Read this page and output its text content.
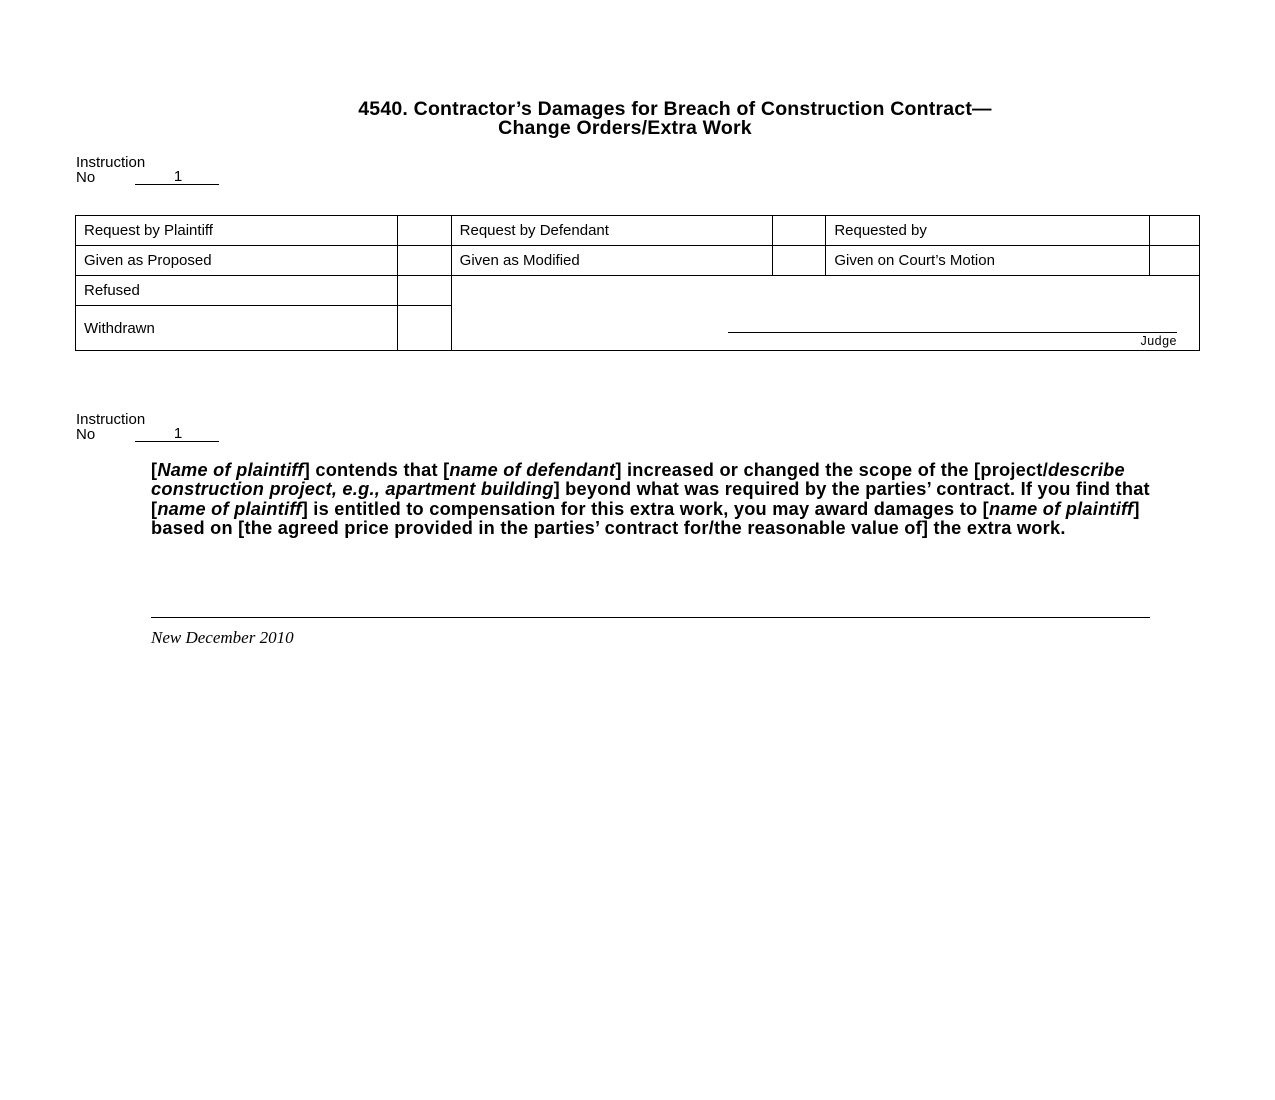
4540. Contractor’s Damages for Breach of Construction Contract—
Change Orders/Extra Work
Instruction
No	1
Request by Plaintiff		Request by Defendant		Requested by	
Given as Proposed		Given as Modified		Given on Court’s Motion	
Refused		Judge			

Withdrawn					
Instruction
No	1
[Name of plaintiff] contends that [name of defendant] increased or changed the scope of the [project/describe construction project, e.g., apartment building] beyond what was required by the parties’ contract. If you find that [name of plaintiff] is entitled to compensation for this extra work, you may award damages to [name of plaintiff] based on [the agreed price provided in the parties’ contract for/the reasonable value of] the extra work.
New December 2010
